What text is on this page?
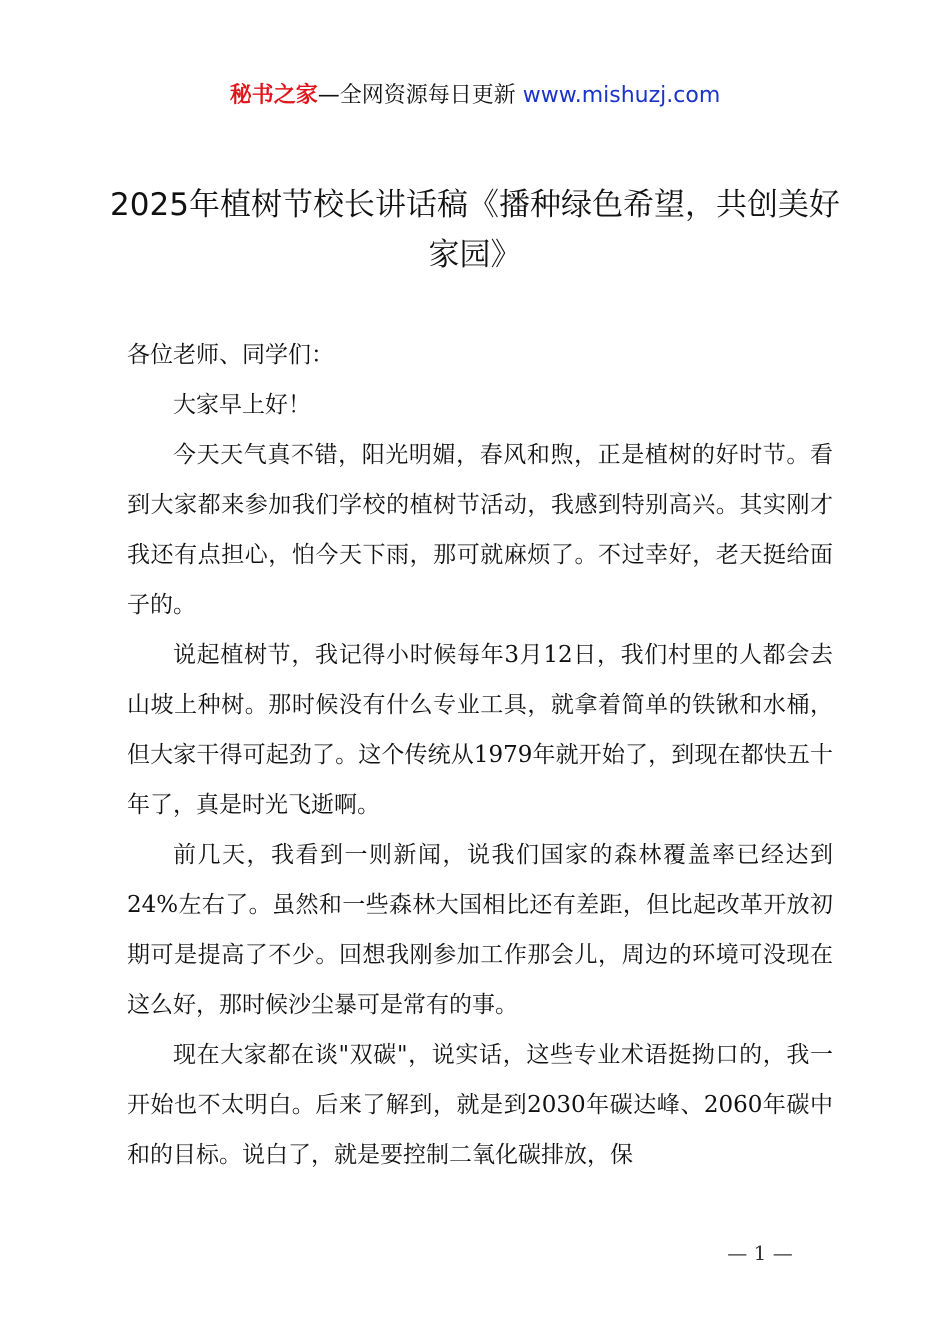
秘书之家—全网资源每日更新 www.mishuzj.com
2025年植树节校长讲话稿《播种绿色希望，共创美好家园》

各位老师、同学们：

大家早上好！

今天天气真不错，阳光明媚，春风和煦，正是植树的好时节。看到大家都来参加我们学校的植树节活动，我感到特别高兴。其实刚才我还有点担心，怕今天下雨，那可就麻烦了。不过幸好，老天挺给面子的。

说起植树节，我记得小时候每年3月12日，我们村里的人都会去山坡上种树。那时候没有什么专业工具，就拿着简单的铁锹和水桶，但大家干得可起劲了。这个传统从1979年就开始了，到现在都快五十年了，真是时光飞逝啊。

前几天，我看到一则新闻，说我们国家的森林覆盖率已经达到24%左右了。虽然和一些森林大国相比还有差距，但比起改革开放初期可是提高了不少。回想我刚参加工作那会儿，周边的环境可没现在这么好，那时候沙尘暴可是常有的事。

现在大家都在谈"双碳"，说实话，这些专业术语挺拗口的，我一开始也不太明白。后来了解到，就是到2030年碳达峰、2060年碳中和的目标。说白了，就是要控制二氧化碳排放，保

— 1 —
